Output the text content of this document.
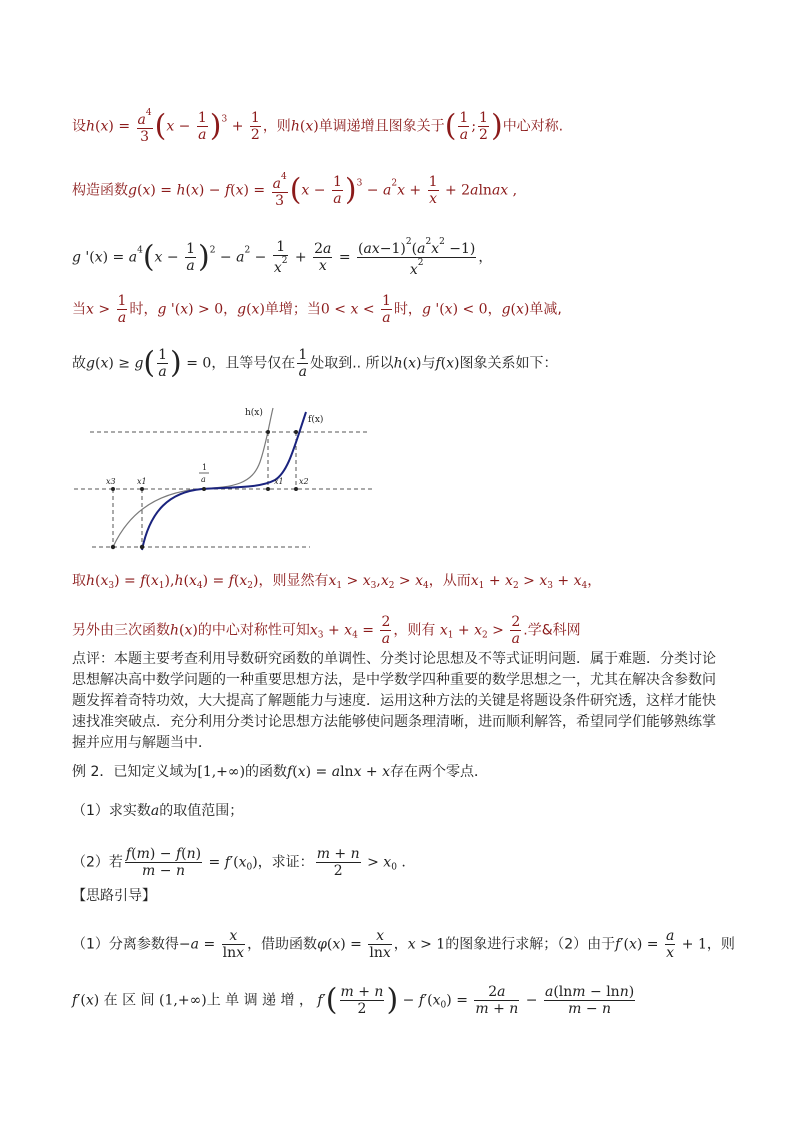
设$h(x) = \frac{a^4}{3} (x - \frac{1}{a} )^3 + \frac{1}{2}$ ，则h(x)单调递增且图象关于( $\frac{1}{a}$ ; $\frac{1}{2}$ )中心对称.
构造函数$g(x) = h(x) - f(x) = \frac{a^4}{3} (x - \frac{1}{a} )^3 - a^2x + \frac{1}{x}$ + 2alnax ,
g '$(x) = a^4(x - \frac{1}{a} )^2 - a^2 - \frac{1}{x^2} + \frac{2a}{x} = \frac{(ax-1)^2(a^2x^2 -1)}{x^2}$ ，
当$x > \frac{1}{a}$ 时，g '(x) > 0，g(x)单增；当$0 < x < \frac{1}{a}$ 时，g '(x) < 0，g(x)单减,
故$g(x) \ge g( \frac{1}{a}$ ) = 0，且等号仅在 $\frac{1}{a}$ 处取到.. 所以h(x)与f(x)图象关系如下：
h(x)
f(x)
x3	x1
1
a	x1 x2
取$h(x_3) = f(x_1),h(x_4) = f(x_2)$，则显然有$x_1 > x_3,x_2 > x_4$，从而$x_1 + x_2 > x_3 + x_4$，
另外由三次函数h(x)的中心对称性可知$x_3 + x_4 = \frac{2}{a}$ ，则有 $x_1 + x_2 > \frac{2}{a}$ .学&科网
点评：本题主要考查利用导数研究函数的单调性、分类讨论思想及不等式证明问题．属于难题．分类讨论思想解决高中数学问题的一种重要思想方法，是中学数学四种重要的数学思想之一，尤其在解决含参数问题发挥着奇特功效，大大提高了解题能力与速度．运用这种方法的关键是将题设条件研究透，这样才能快速找准突破点．充分利用分类讨论思想方法能够使问题条理清晰，进而顺利解答，希望同学们能够熟练掌握并应用与解题当中．
例 2．已知定义域为[1,+∞)的函数f(x) = alnx + x存在两个零点．
（1）求实数a的取值范围；
（2）若 $\frac{f(m) - f(n)}{m - n} = f'(x_0)$，求证： $\frac{m + n}{2} > x_0$ .
【思路引导】
（1）分离参数得$-a = \frac{x}{\ln x}$ ，借助函数$\varphi(x) = \frac{x}{\ln x}$ ，x > 1的图象进行求解；（2）由于$f'(x) = \frac{a}{x} + 1$，则
f′(x) 在 区 间 (1,+∞)上 单 调 递 增 ， $f'( \frac{m + n}{2}$ ) − $f'(x_0) = \frac{2a}{m + n} - \frac{a(\ln m - \ln n)}{m - n}$
